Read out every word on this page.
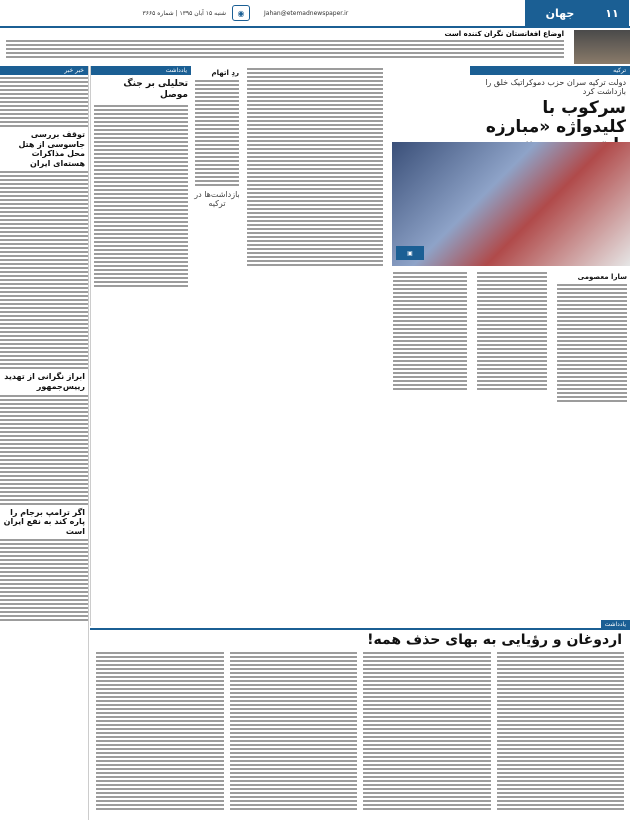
۱۱
جهان
Jahan@etemadnewspaper.ir
◉
شنبه ۱۵ آبان ۱۳۹۵ | شماره ۳۶۶۵
اوضاع افغانستان نگران کننده است
ترکیه
دولت ترکیه سران حزب دموکراتیک خلق را بازداشت کرد
سرکوب با کلیدواژه «مبارزه
▣
سارا معصومی
یادداشت
تحلیلی بر جنگ موصل
ردِ اتهام
بازداشت‌ها در ترکیه
خبر خبر
توقف بررسی جاسوسی از هتل محل مذاکرات هسته‌ای ایران
ابراز نگرانی از تهدید رییس‌جمهور
اگر ترامپ برجام را پاره کند به نفع ایران است
یادداشت
اردوغان و رؤیایی به بهای حذف همه!
